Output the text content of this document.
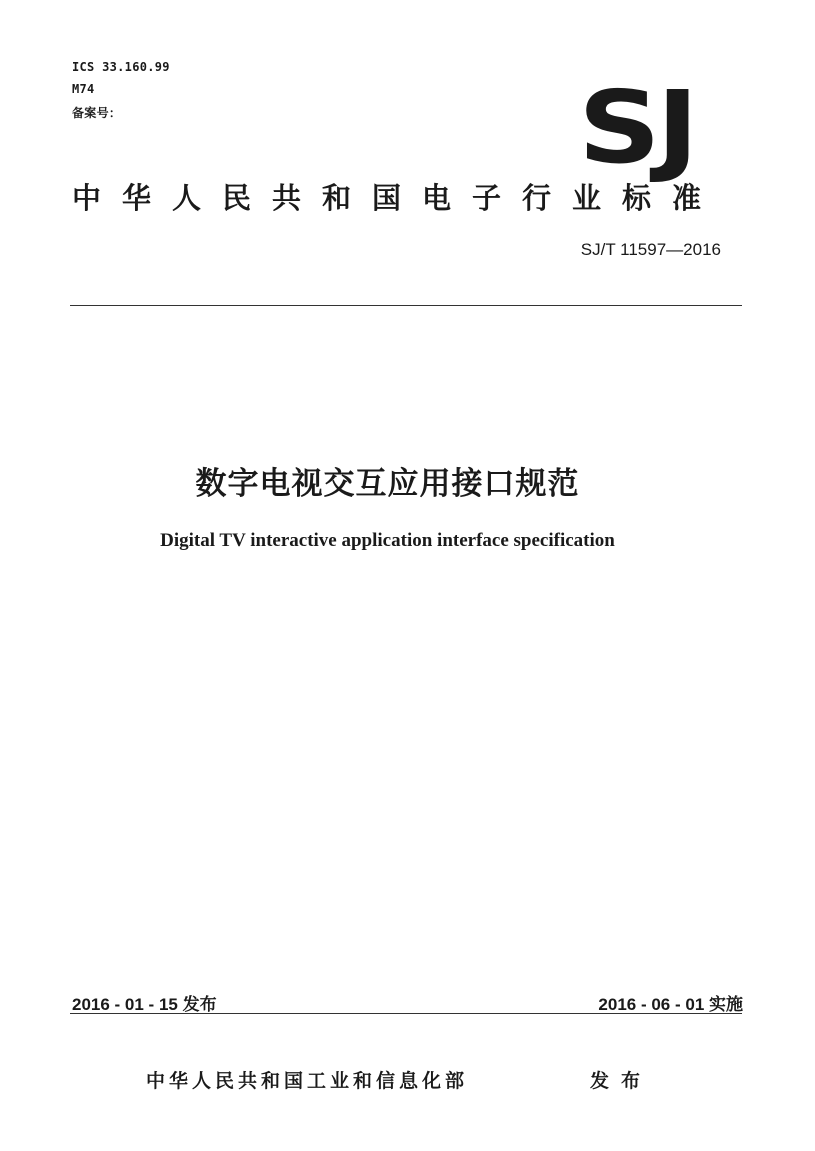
ICS 33.160.99
M74
备案号：	SJ
中华人民共和国电子行业标准
SJ/T 11597—2016
数字电视交互应用接口规范
Digital TV interactive application interface specification
2016 - 01 - 15 发布	2016 - 06 - 01 实施
中华人民共和国工业和信息化部	发布
